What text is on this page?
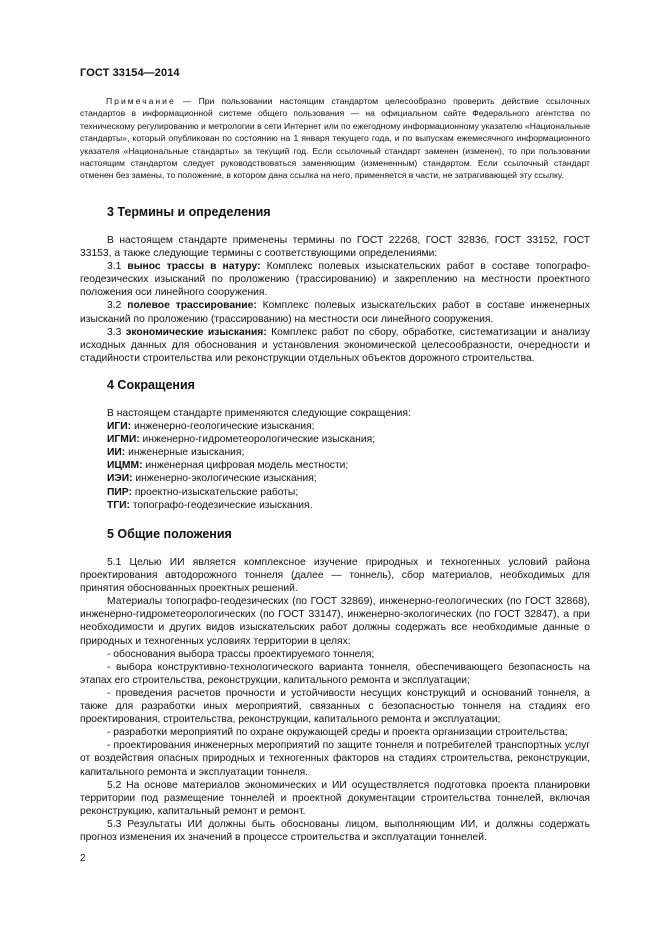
ГОСТ 33154—2014

Примечание — При пользовании настоящим стандартом целесообразно проверить действие ссылочных стандартов в информационной системе общего пользования — на официальном сайте Федерального агентства по техническому регулированию и метрологии в сети Интернет или по ежегодному информационному указателю «Национальные стандарты», который опубликован по состоянию на 1 января текущего года, и по выпускам ежемесячного информационного указателя «Национальные стандарты» за текущий год. Если ссылочный стандарт заменен (изменен), то при пользовании настоящим стандартом следует руководствоваться заменяющим (измененным) стандартом. Если ссылочный стандарт отменен без замены, то положение, в котором дана ссылка на него, применяется в части, не затрагивающей эту ссылку.

3 Термины и определения

В настоящем стандарте применены термины по ГОСТ 22268, ГОСТ 32836, ГОСТ 33152, ГОСТ 33153, а также следующие термины с соответствующими определениями:

3.1 вынос трассы в натуру: Комплекс полевых изыскательских работ в составе топографо-геодезических изысканий по проложению (трассированию) и закреплению на местности проектного положения оси линейного сооружения.

3.2 полевое трассирование: Комплекс полевых изыскательских работ в составе инженерных изысканий по проложению (трассированию) на местности оси линейного сооружения.

3.3 экономические изыскания: Комплекс работ по сбору, обработке, систематизации и анализу исходных данных для обоснования и установления экономической целесообразности, очередности и стадийности строительства или реконструкции отдельных объектов дорожного строительства.

4 Сокращения

В настоящем стандарте применяются следующие сокращения:

ИГИ: инженерно-геологические изыскания;

ИГМИ: инженерно-гидрометеорологические изыскания;

ИИ: инженерные изыскания;

ИЦММ: инженерная цифровая модель местности;

ИЭИ: инженерно-экологические изыскания;

ПИР: проектно-изыскательские работы;

ТГИ: топографо-геодезические изыскания.

5 Общие положения

5.1 Целью ИИ является комплексное изучение природных и техногенных условий района проектирования автодорожного тоннеля (далее — тоннель), сбор материалов, необходимых для принятия обоснованных проектных решений.

Материалы топографо-геодезических (по ГОСТ 32869), инженерно-геологических (по ГОСТ 32868), инженерно-гидрометеорологических (по ГОСТ 33147), инженерно-экологических (по ГОСТ 32847), а при необходимости и других видов изыскательских работ должны содержать все необходимые данные о природных и техногенных условиях территории в целях:

- обоснования выбора трассы проектируемого тоннеля;

- выбора конструктивно-технологического варианта тоннеля, обеспечивающего безопасность на этапах его строительства, реконструкции, капитального ремонта и эксплуатации;

- проведения расчетов прочности и устойчивости несущих конструкций и оснований тоннеля, а также для разработки иных мероприятий, связанных с безопасностью тоннеля на стадиях его проектирования, строительства, реконструкции, капитального ремонта и эксплуатации;

- разработки мероприятий по охране окружающей среды и проекта организации строительства;

- проектирования инженерных мероприятий по защите тоннеля и потребителей транспортных услуг от воздействия опасных природных и техногенных факторов на стадиях строительства, реконструкции, капитального ремонта и эксплуатации тоннеля.

5.2 На основе материалов экономических и ИИ осуществляется подготовка проекта планировки территории под размещение тоннелей и проектной документации строительства тоннелей, включая реконструкцию, капитальный ремонт и ремонт.

5.3 Результаты ИИ должны быть обоснованы лицом, выполняющим ИИ, и должны содержать прогноз изменения их значений в процессе строительства и эксплуатации тоннелей.

2
